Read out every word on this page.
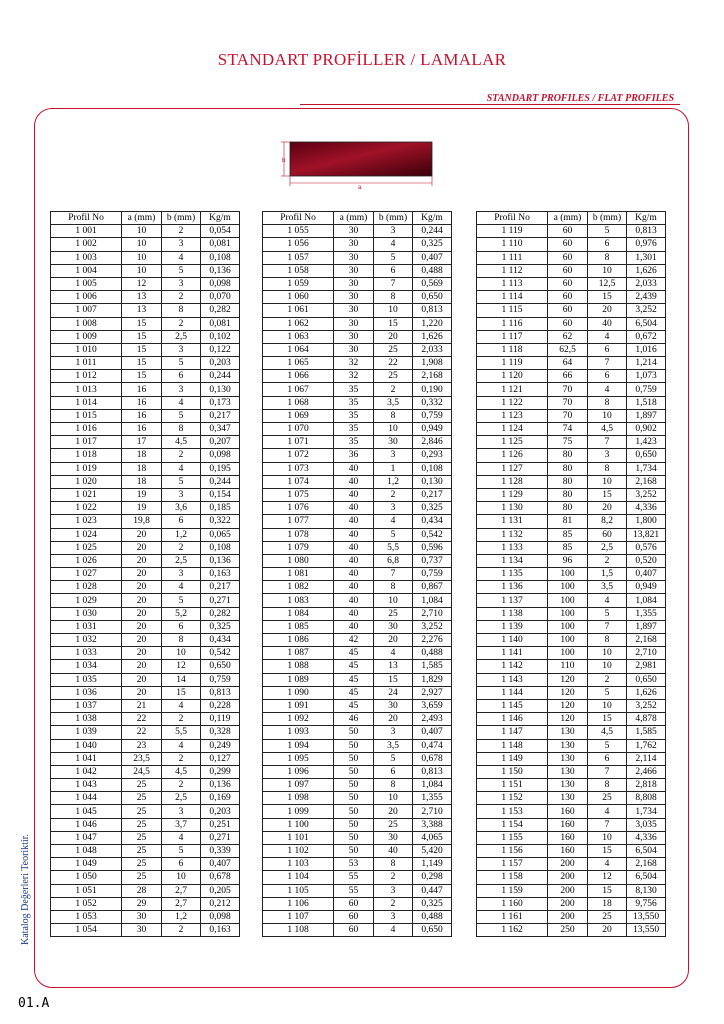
STANDART PROFİLLER / LAMALAR
STANDART PROFILES / FLAT PROFILES
b
a
Profil No	a (mm)	b (mm)	Kg/m
1 001	10	2	0,054
1 002	10	3	0,081
1 003	10	4	0,108
1 004	10	5	0,136
1 005	12	3	0,098
1 006	13	2	0,070
1 007	13	8	0,282
1 008	15	2	0,081
1 009	15	2,5	0,102
1 010	15	3	0,122
1 011	15	5	0,203
1 012	15	6	0,244
1 013	16	3	0,130
1 014	16	4	0,173
1 015	16	5	0,217
1 016	16	8	0,347
1 017	17	4,5	0,207
1 018	18	2	0,098
1 019	18	4	0,195
1 020	18	5	0,244
1 021	19	3	0,154
1 022	19	3,6	0,185
1 023	19,8	6	0,322
1 024	20	1,2	0,065
1 025	20	2	0,108
1 026	20	2,5	0,136
1 027	20	3	0,163
1 028	20	4	0,217
1 029	20	5	0,271
1 030	20	5,2	0,282
1 031	20	6	0,325
1 032	20	8	0,434
1 033	20	10	0,542
1 034	20	12	0,650
1 035	20	14	0,759
1 036	20	15	0,813
1 037	21	4	0,228
1 038	22	2	0,119
1 039	22	5,5	0,328
1 040	23	4	0,249
1 041	23,5	2	0,127
1 042	24,5	4,5	0,299
1 043	25	2	0,136
1 044	25	2,5	0,169
1 045	25	3	0,203
1 046	25	3,7	0,251
1 047	25	4	0,271
1 048	25	5	0,339
1 049	25	6	0,407
1 050	25	10	0,678
1 051	28	2,7	0,205
1 052	29	2,7	0,212
1 053	30	1,2	0,098
1 054	30	2	0,163
Profil No	a (mm)	b (mm)	Kg/m
1 055	30	3	0,244
1 056	30	4	0,325
1 057	30	5	0,407
1 058	30	6	0,488
1 059	30	7	0,569
1 060	30	8	0,650
1 061	30	10	0,813
1 062	30	15	1,220
1 063	30	20	1,626
1 064	30	25	2,033
1 065	32	22	1,908
1 066	32	25	2,168
1 067	35	2	0,190
1 068	35	3,5	0,332
1 069	35	8	0,759
1 070	35	10	0,949
1 071	35	30	2,846
1 072	36	3	0,293
1 073	40	1	0,108
1 074	40	1,2	0,130
1 075	40	2	0,217
1 076	40	3	0,325
1 077	40	4	0,434
1 078	40	5	0,542
1 079	40	5,5	0,596
1 080	40	6,8	0,737
1 081	40	7	0,759
1 082	40	8	0,867
1 083	40	10	1,084
1 084	40	25	2,710
1 085	40	30	3,252
1 086	42	20	2,276
1 087	45	4	0,488
1 088	45	13	1,585
1 089	45	15	1,829
1 090	45	24	2,927
1 091	45	30	3,659
1 092	46	20	2,493
1 093	50	3	0,407
1 094	50	3,5	0,474
1 095	50	5	0,678
1 096	50	6	0,813
1 097	50	8	1,084
1 098	50	10	1,355
1 099	50	20	2,710
1 100	50	25	3,388
1 101	50	30	4,065
1 102	50	40	5,420
1 103	53	8	1,149
1 104	55	2	0,298
1 105	55	3	0,447
1 106	60	2	0,325
1 107	60	3	0,488
1 108	60	4	0,650
Profil No	a (mm)	b (mm)	Kg/m
1 119	60	5	0,813
1 110	60	6	0,976
1 111	60	8	1,301
1 112	60	10	1,626
1 113	60	12,5	2,033
1 114	60	15	2,439
1 115	60	20	3,252
1 116	60	40	6,504
1 117	62	4	0,672
1 118	62,5	6	1,016
1 119	64	7	1,214
1 120	66	6	1,073
1 121	70	4	0,759
1 122	70	8	1,518
1 123	70	10	1,897
1 124	74	4,5	0,902
1 125	75	7	1,423
1 126	80	3	0,650
1 127	80	8	1,734
1 128	80	10	2,168
1 129	80	15	3,252
1 130	80	20	4,336
1 131	81	8,2	1,800
1 132	85	60	13,821
1 133	85	2,5	0,576
1 134	96	2	0,520
1 135	100	1,5	0,407
1 136	100	3,5	0,949
1 137	100	4	1,084
1 138	100	5	1,355
1 139	100	7	1,897
1 140	100	8	2,168
1 141	100	10	2,710
1 142	110	10	2,981
1 143	120	2	0,650
1 144	120	5	1,626
1 145	120	10	3,252
1 146	120	15	4,878
1 147	130	4,5	1,585
1 148	130	5	1,762
1 149	130	6	2,114
1 150	130	7	2,466
1 151	130	8	2,818
1 152	130	25	8,808
1 153	160	4	1,734
1 154	160	7	3,035
1 155	160	10	4,336
1 156	160	15	6,504
1 157	200	4	2,168
1 158	200	12	6,504
1 159	200	15	8,130
1 160	200	18	9,756
1 161	200	25	13,550
1 162	250	20	13,550
Katalog Değerleri Teoriktir.
01.A
